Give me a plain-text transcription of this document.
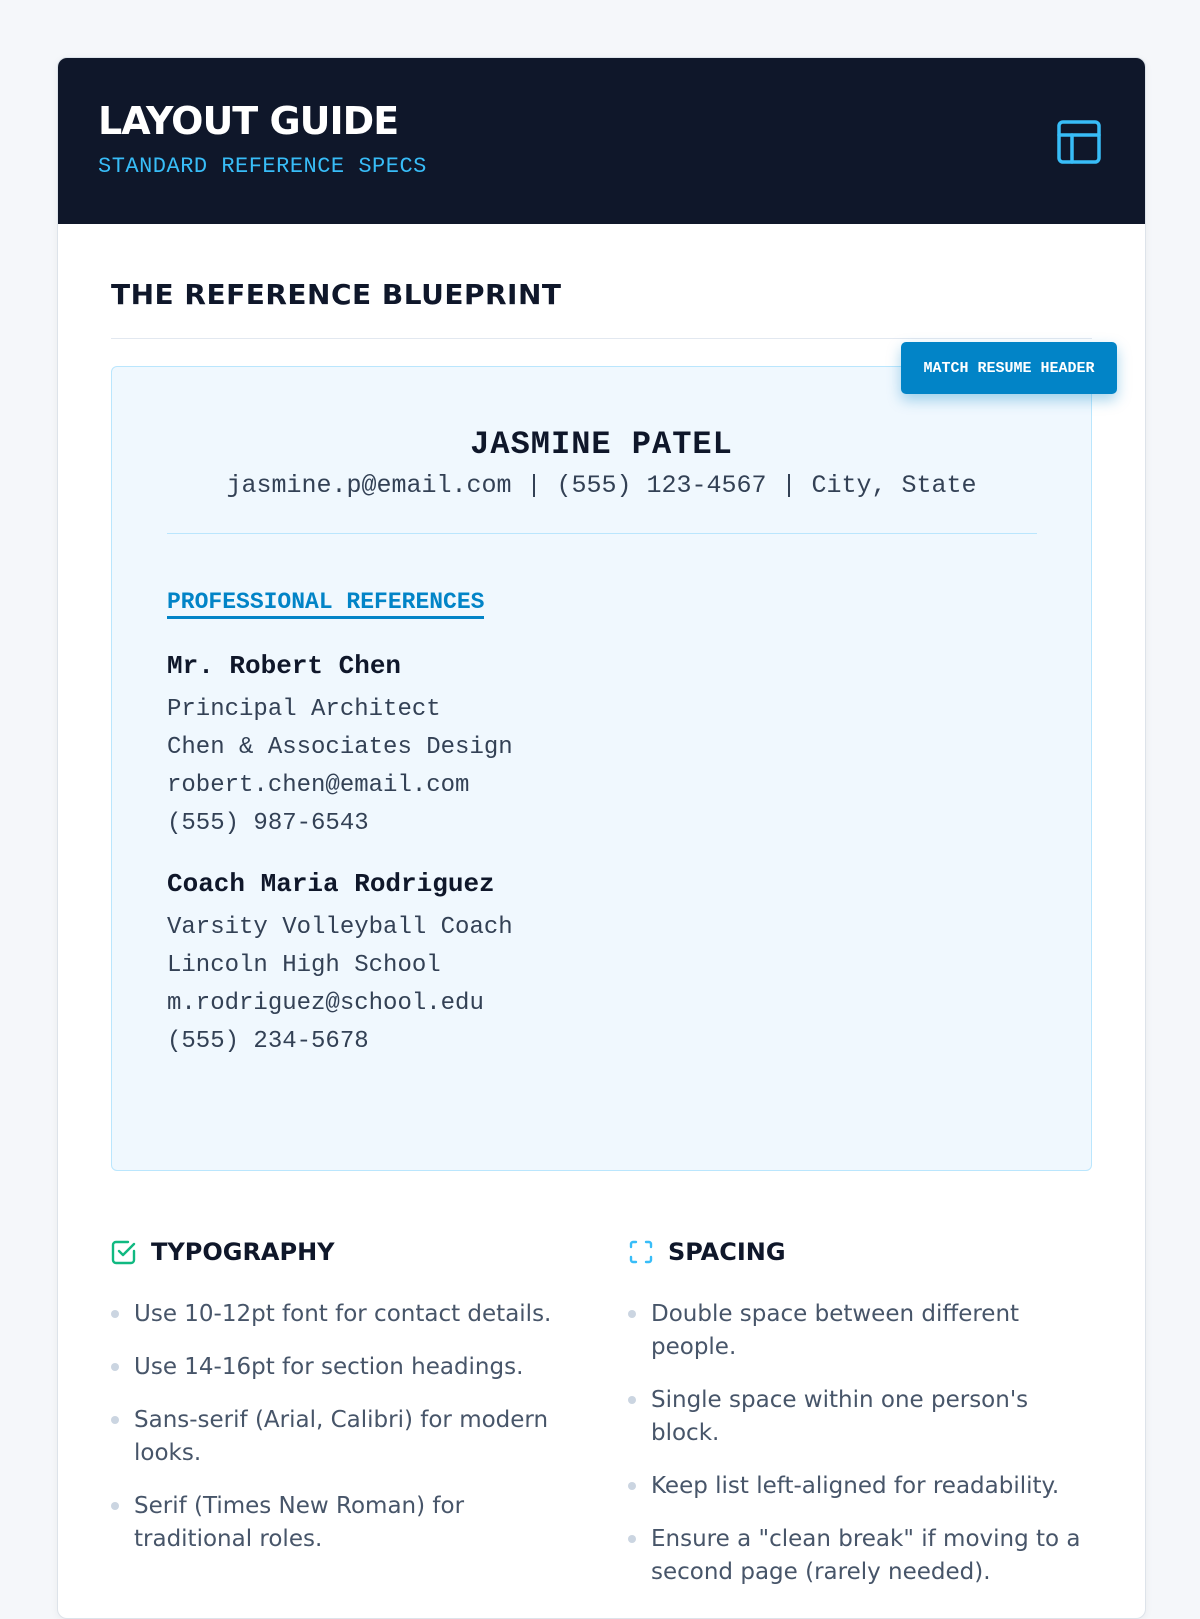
LAYOUT GUIDE
STANDARD REFERENCE SPECS
THE REFERENCE BLUEPRINT
MATCH RESUME HEADER
JASMINE PATEL
jasmine.p@email.com | (555) 123-4567 | City, State
PROFESSIONAL REFERENCES
Mr. Robert Chen
Principal Architect
Chen & Associates Design
robert.chen@email.com
(555) 987-6543
Coach Maria Rodriguez
Varsity Volleyball Coach
Lincoln High School
m.rodriguez@school.edu
(555) 234-5678
TYPOGRAPHY
Use 10-12pt font for contact details.
Use 14-16pt for section headings.
Sans-serif (Arial, Calibri) for modern looks.
Serif (Times New Roman) for traditional roles.
SPACING
Double space between different people.
Single space within one person's block.
Keep list left-aligned for readability.
Ensure a "clean break" if moving to a second page (rarely needed).
